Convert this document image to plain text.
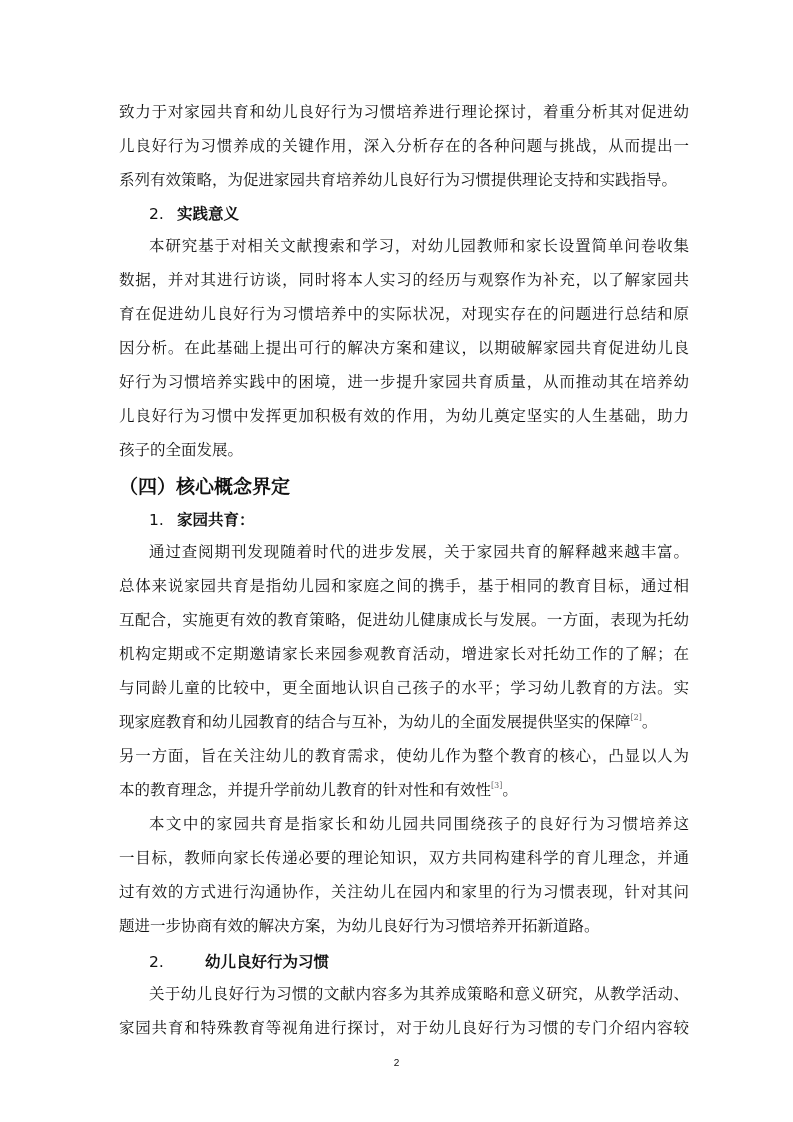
致力于对家园共育和幼儿良好行为习惯培养进行理论探讨，着重分析其对促进幼
儿良好行为习惯养成的关键作用，深入分析存在的各种问题与挑战，从而提出一
系列有效策略，为促进家园共育培养幼儿良好行为习惯提供理论支持和实践指导。
2. 实践意义
本研究基于对相关文献搜索和学习，对幼儿园教师和家长设置简单问卷收集
数据，并对其进行访谈，同时将本人实习的经历与观察作为补充，以了解家园共
育在促进幼儿良好行为习惯培养中的实际状况，对现实存在的问题进行总结和原
因分析。在此基础上提出可行的解决方案和建议，以期破解家园共育促进幼儿良
好行为习惯培养实践中的困境，进一步提升家园共育质量，从而推动其在培养幼
儿良好行为习惯中发挥更加积极有效的作用，为幼儿奠定坚实的人生基础，助力
孩子的全面发展。
（四）核心概念界定
1. 家园共育：
通过查阅期刊发现随着时代的进步发展，关于家园共育的解释越来越丰富。
总体来说家园共育是指幼儿园和家庭之间的携手，基于相同的教育目标，通过相
互配合，实施更有效的教育策略，促进幼儿健康成长与发展。一方面，表现为托幼
机构定期或不定期邀请家长来园参观教育活动，增进家长对托幼工作的了解；在
与同龄儿童的比较中，更全面地认识自己孩子的水平；学习幼儿教育的方法。实
现家庭教育和幼儿园教育的结合与互补，为幼儿的全面发展提供坚实的保障[2]。
另一方面，旨在关注幼儿的教育需求，使幼儿作为整个教育的核心，凸显以人为
本的教育理念，并提升学前幼儿教育的针对性和有效性[3]。
本文中的家园共育是指家长和幼儿园共同围绕孩子的良好行为习惯培养这
一目标，教师向家长传递必要的理论知识，双方共同构建科学的育儿理念，并通
过有效的方式进行沟通协作，关注幼儿在园内和家里的行为习惯表现，针对其问
题进一步协商有效的解决方案，为幼儿良好行为习惯培养开拓新道路。
2.	幼儿良好行为习惯
关于幼儿良好行为习惯的文献内容多为其养成策略和意义研究，从教学活动、
家园共育和特殊教育等视角进行探讨，对于幼儿良好行为习惯的专门介绍内容较
2
